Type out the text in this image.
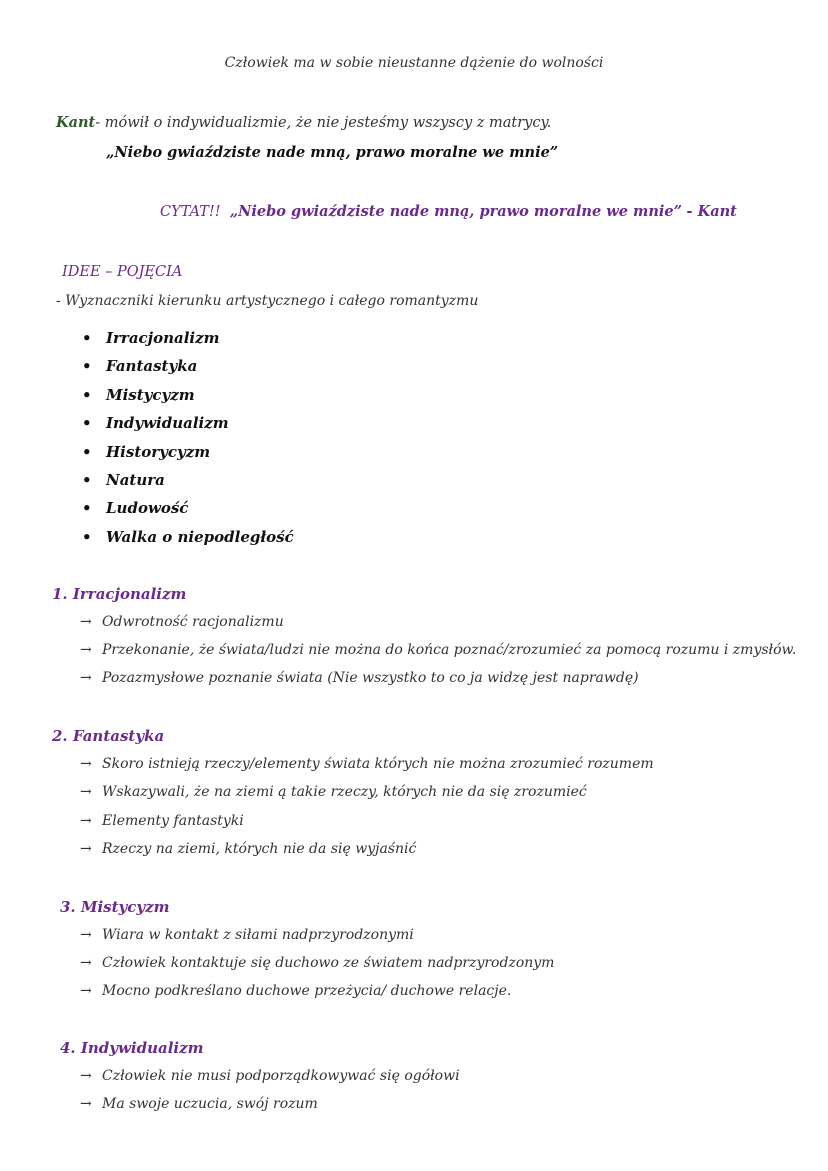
Człowiek ma w sobie nieustanne dążenie do wolności
Kant- mówił o indywidualizmie, że nie jesteśmy wszyscy z matrycy.
„Niebo gwiaździste nade mną, prawo moralne we mnie”
CYTAT!! „Niebo gwiaździste nade mną, prawo moralne we mnie” - Kant
IDEE – POJĘCIA
- Wyznaczniki kierunku artystycznego i całego romantyzmu
• Irracjonalizm
• Fantastyka
• Mistycyzm
• Indywidualizm
• Historycyzm
• Natura
• Ludowość
• Walka o niepodległość
1. Irracjonalizm
→ Odwrotność racjonalizmu
→ Przekonanie, że świata/ludzi nie można do końca poznać/zrozumieć za pomocą rozumu i zmysłów.
→ Pozazmysłowe poznanie świata (Nie wszystko to co ja widzę jest naprawdę)
2. Fantastyka
→ Skoro istnieją rzeczy/elementy świata których nie można zrozumieć rozumem
→ Wskazywali, że na ziemi ą takie rzeczy, których nie da się zrozumieć
→ Elementy fantastyki
→ Rzeczy na ziemi, których nie da się wyjaśnić
3. Mistycyzm
→ Wiara w kontakt z siłami nadprzyrodzonymi
→ Człowiek kontaktuje się duchowo ze światem nadprzyrodzonym
→ Mocno podkreślano duchowe przeżycia/ duchowe relacje.
4. Indywidualizm
→ Człowiek nie musi podporządkowywać się ogółowi
→ Ma swoje uczucia, swój rozum
